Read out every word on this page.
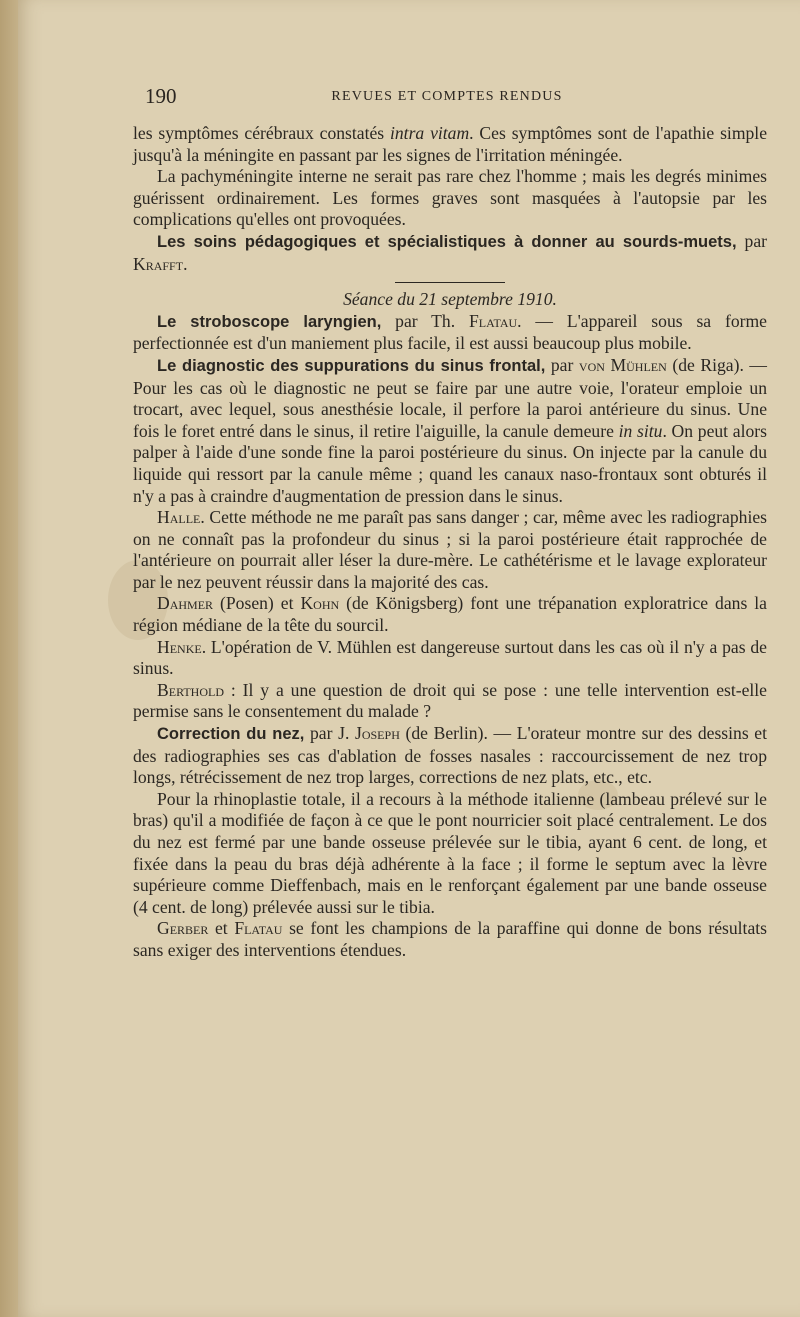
190	REVUES ET COMPTES RENDUS

les symptômes cérébraux constatés intra vitam. Ces symptômes sont de l'apathie simple jusqu'à la méningite en passant par les signes de l'irritation méningée.

La pachyméningite interne ne serait pas rare chez l'homme ; mais les degrés minimes guérissent ordinairement. Les formes graves sont masquées à l'autopsie par les complications qu'elles ont provoquées.

Les soins pédagogiques et spécialistiques à donner au sourds-muets, par Krafft.

Séance du 21 septembre 1910.

Le stroboscope laryngien, par Th. Flatau. — L'appareil sous sa forme perfectionnée est d'un maniement plus facile, il est aussi beaucoup plus mobile.

Le diagnostic des suppurations du sinus frontal, par von Mühlen (de Riga). — Pour les cas où le diagnostic ne peut se faire par une autre voie, l'orateur emploie un trocart, avec lequel, sous anesthésie locale, il perfore la paroi antérieure du sinus. Une fois le foret entré dans le sinus, il retire l'aiguille, la canule demeure in situ. On peut alors palper à l'aide d'une sonde fine la paroi postérieure du sinus. On injecte par la canule du liquide qui ressort par la canule même ; quand les canaux naso-frontaux sont obturés il n'y a pas à craindre d'augmentation de pression dans le sinus.

Halle. Cette méthode ne me paraît pas sans danger ; car, même avec les radiographies on ne connaît pas la profondeur du sinus ; si la paroi postérieure était rapprochée de l'antérieure on pourrait aller léser la dure-mère. Le cathétérisme et le lavage explorateur par le nez peuvent réussir dans la majorité des cas.

Dahmer (Posen) et Kohn (de Königsberg) font une trépanation exploratrice dans la région médiane de la tête du sourcil.

Henke. L'opération de V. Mühlen est dangereuse surtout dans les cas où il n'y a pas de sinus.

Berthold : Il y a une question de droit qui se pose : une telle intervention est-elle permise sans le consentement du malade ?

Correction du nez, par J. Joseph (de Berlin). — L'orateur montre sur des dessins et des radiographies ses cas d'ablation de fosses nasales : raccourcissement de nez trop longs, rétrécissement de nez trop larges, corrections de nez plats, etc., etc.

Pour la rhinoplastie totale, il a recours à la méthode italienne (lambeau prélevé sur le bras) qu'il a modifiée de façon à ce que le pont nourricier soit placé centralement. Le dos du nez est fermé par une bande osseuse prélevée sur le tibia, ayant 6 cent. de long, et fixée dans la peau du bras déjà adhérente à la face ; il forme le septum avec la lèvre supérieure comme Dieffenbach, mais en le renforçant également par une bande osseuse (4 cent. de long) prélevée aussi sur le tibia.

Gerber et Flatau se font les champions de la paraffine qui donne de bons résultats sans exiger des interventions étendues.
